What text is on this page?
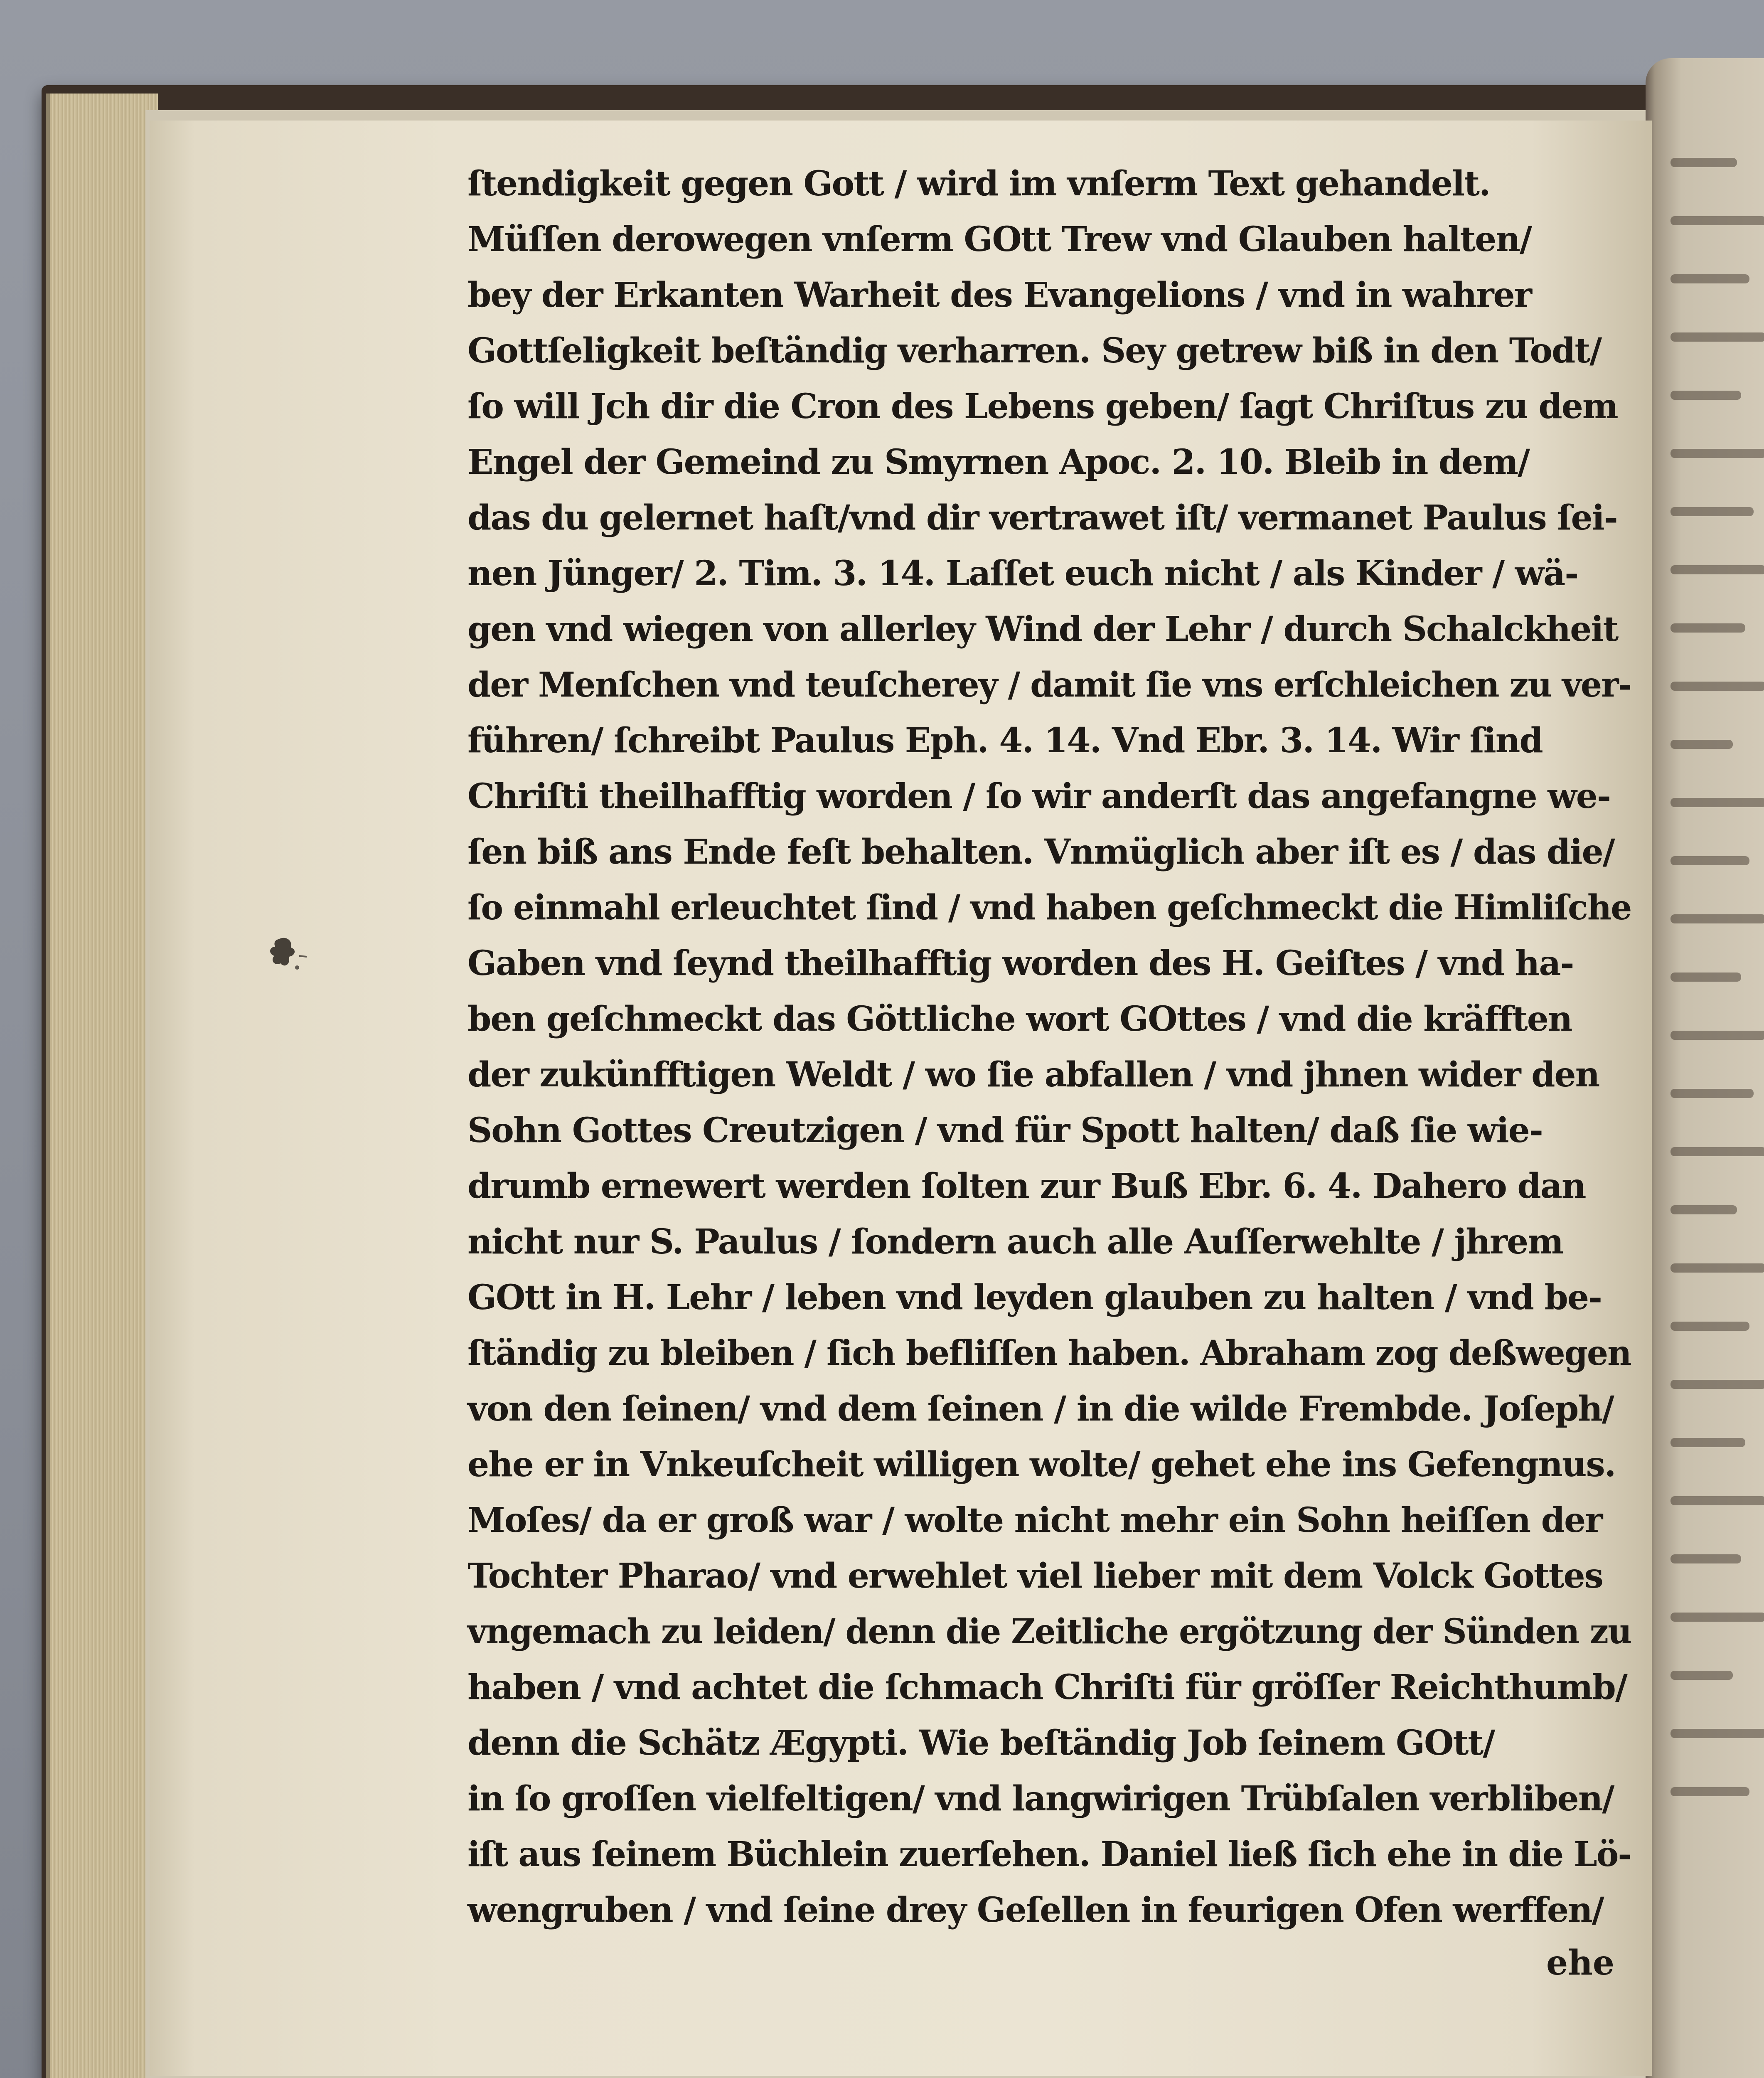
ſtendigkeit gegen Gott / wird im vnſerm Text gehandelt.
Müſſen derowegen vnſerm GOtt Trew vnd Glauben halten/
bey der Erkanten Warheit des Evangelions / vnd in wahrer
Gottſeligkeit beſtändig verharren. Sey getrew biß in den Todt/
ſo will Jch dir die Cron des Lebens geben/ ſagt Chriſtus zu dem
Engel der Gemeind zu Smyrnen Apoc. 2. 10. Bleib in dem/
das du gelernet haſt/vnd dir vertrawet iſt/ vermanet Paulus ſei-
nen Jünger/ 2. Tim. 3. 14. Laſſet euch nicht / als Kinder / wä-
gen vnd wiegen von allerley Wind der Lehr / durch Schalckheit
der Menſchen vnd teuſcherey / damit ſie vns erſchleichen zu ver-
führen/ ſchreibt Paulus Eph. 4. 14. Vnd Ebr. 3. 14. Wir ſind
Chriſti theilhafftig worden / ſo wir anderſt das angefangne we-
ſen biß ans Ende feſt behalten. Vnmüglich aber iſt es / das die/
ſo einmahl erleuchtet ſind / vnd haben geſchmeckt die Himliſche
Gaben vnd ſeynd theilhafftig worden des H. Geiſtes / vnd ha-
ben geſchmeckt das Göttliche wort GOttes / vnd die kräfften
der zukünfftigen Weldt / wo ſie abfallen / vnd jhnen wider den
Sohn Gottes Creutzigen / vnd für Spott halten/ daß ſie wie-
drumb ernewert werden ſolten zur Buß Ebr. 6. 4. Dahero dan
nicht nur S. Paulus / ſondern auch alle Auſſerwehlte / jhrem
GOtt in H. Lehr / leben vnd leyden glauben zu halten / vnd be-
ſtändig zu bleiben / ſich befliſſen haben. Abraham zog deßwegen
von den ſeinen/ vnd dem ſeinen / in die wilde Frembde. Joſeph/
ehe er in Vnkeuſcheit willigen wolte/ gehet ehe ins Gefengnus.
Moſes/ da er groß war / wolte nicht mehr ein Sohn heiſſen der
Tochter Pharao/ vnd erwehlet viel lieber mit dem Volck Gottes
vngemach zu leiden/ denn die Zeitliche ergötzung der Sünden zu
haben / vnd achtet die ſchmach Chriſti für gröſſer Reichthumb/
denn die Schätz Ægypti. Wie beſtändig Job ſeinem GOtt/
in ſo groſſen vielfeltigen/ vnd langwirigen Trübſalen verbliben/
iſt aus ſeinem Büchlein zuerſehen. Daniel ließ ſich ehe in die Lö-
wengruben / vnd ſeine drey Geſellen in feurigen Ofen werffen/
ehe
